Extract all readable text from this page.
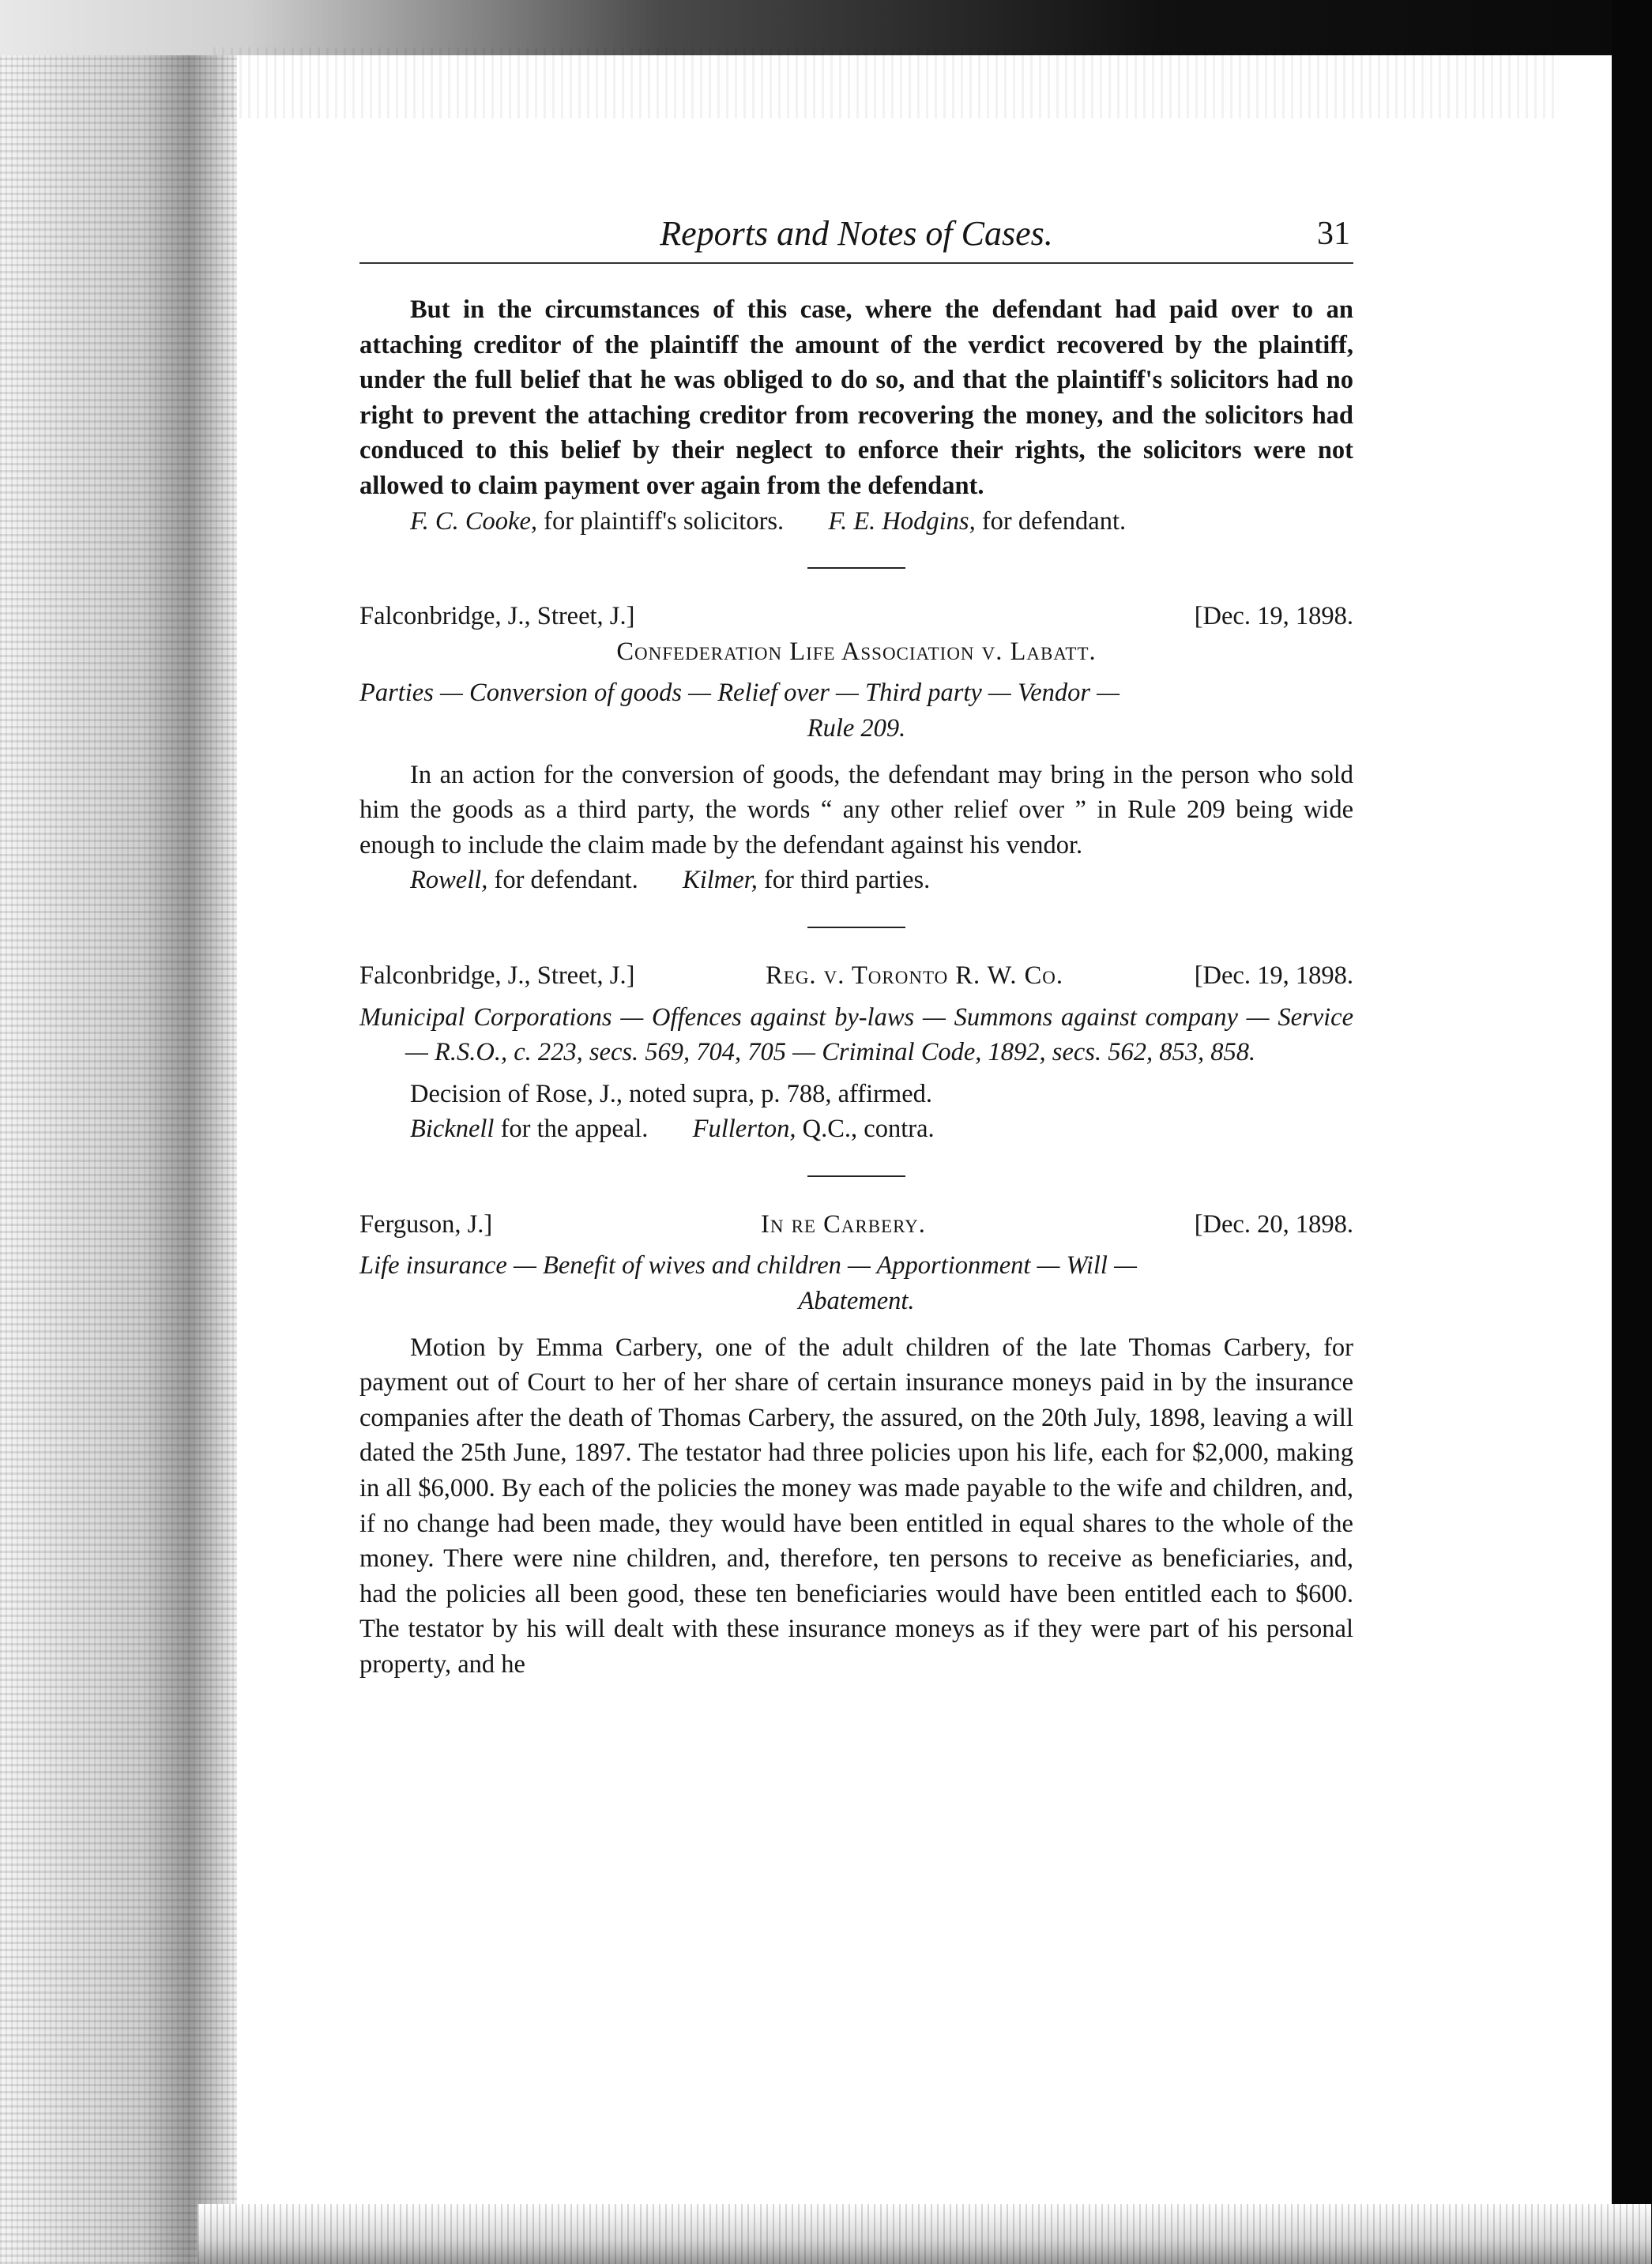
Reports and Notes of Cases.	31

But in the circumstances of this case, where the defendant had paid over to an attaching creditor of the plaintiff the amount of the verdict recovered by the plaintiff, under the full belief that he was obliged to do so, and that the plaintiff's solicitors had no right to prevent the attaching creditor from recovering the money, and the solicitors had conduced to this belief by their neglect to enforce their rights, the solicitors were not allowed to claim payment over again from the defendant.

F. C. Cooke, for plaintiff's solicitors. F. E. Hodgins, for defendant.

Falconbridge, J., Street, J.]	[Dec. 19, 1898.

Confederation Life Association v. Labatt.

Parties — Conversion of goods — Relief over — Third party — Vendor —

Rule 209.

In an action for the conversion of goods, the defendant may bring in the person who sold him the goods as a third party, the words “ any other relief over ” in Rule 209 being wide enough to include the claim made by the defendant against his vendor.

Rowell, for defendant. Kilmer, for third parties.

Falconbridge, J., Street, J.]	Reg. v. Toronto R. W. Co.	[Dec. 19, 1898.

Municipal Corporations — Offences against by-laws — Summons against company — Service — R.S.O., c. 223, secs. 569, 704, 705 — Criminal Code, 1892, secs. 562, 853, 858.

Decision of Rose, J., noted supra, p. 788, affirmed.

Bicknell for the appeal. Fullerton, Q.C., contra.

Ferguson, J.]	In re Carbery.	[Dec. 20, 1898.

Life insurance — Benefit of wives and children — Apportionment — Will —

Abatement.

Motion by Emma Carbery, one of the adult children of the late Thomas Carbery, for payment out of Court to her of her share of certain insurance moneys paid in by the insurance companies after the death of Thomas Carbery, the assured, on the 20th July, 1898, leaving a will dated the 25th June, 1897. The testator had three policies upon his life, each for $2,000, making in all $6,000. By each of the policies the money was made payable to the wife and children, and, if no change had been made, they would have been entitled in equal shares to the whole of the money. There were nine children, and, therefore, ten persons to receive as beneficiaries, and, had the policies all been good, these ten beneficiaries would have been entitled each to $600. The testator by his will dealt with these insurance moneys as if they were part of his personal property, and he
